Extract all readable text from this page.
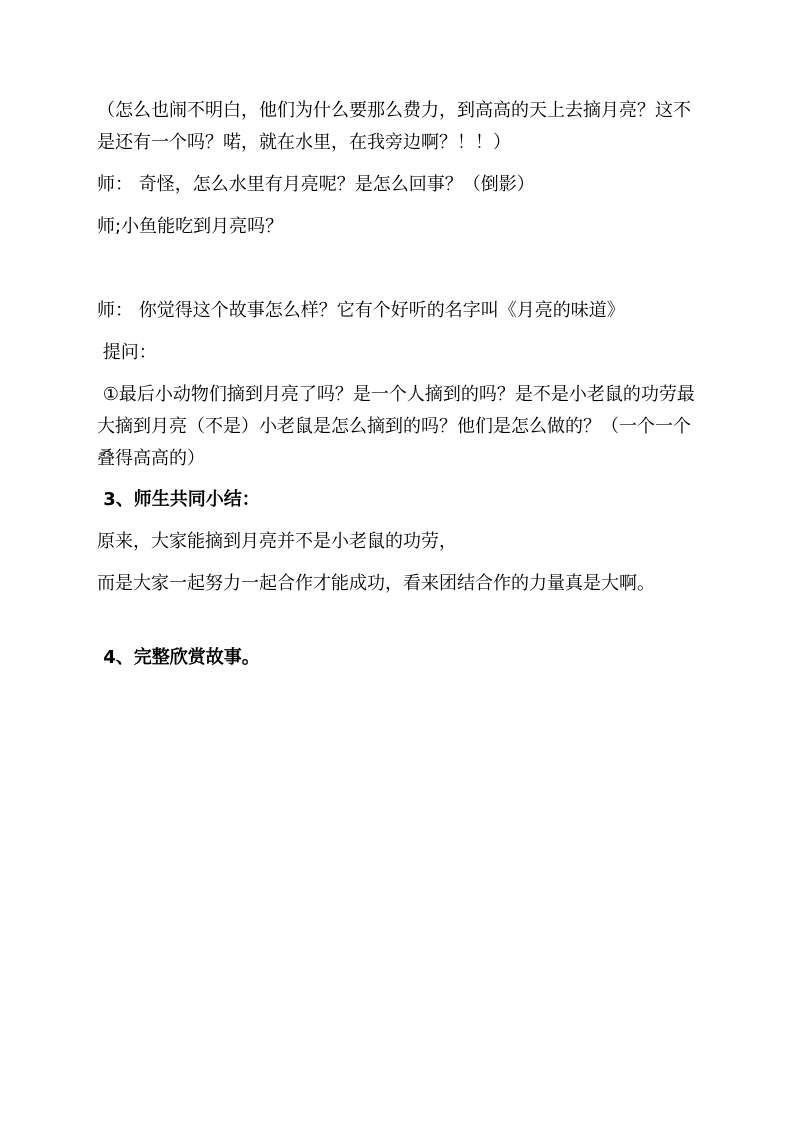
（怎么也闹不明白，他们为什么要那么费力，到高高的天上去摘月亮？这不是还有一个吗？喏，就在水里，在我旁边啊？！！）
师： 奇怪，怎么水里有月亮呢？是怎么回事？（倒影）
师;小鱼能吃到月亮吗？
师： 你觉得这个故事怎么样？它有个好听的名字叫《月亮的味道》
提问：
①最后小动物们摘到月亮了吗？是一个人摘到的吗？是不是小老鼠的功劳最大摘到月亮（不是）小老鼠是怎么摘到的吗？他们是怎么做的？（一个一个叠得高高的）
3、师生共同小结：
原来，大家能摘到月亮并不是小老鼠的功劳，
而是大家一起努力一起合作才能成功，看来团结合作的力量真是大啊。
4、完整欣赏故事。
